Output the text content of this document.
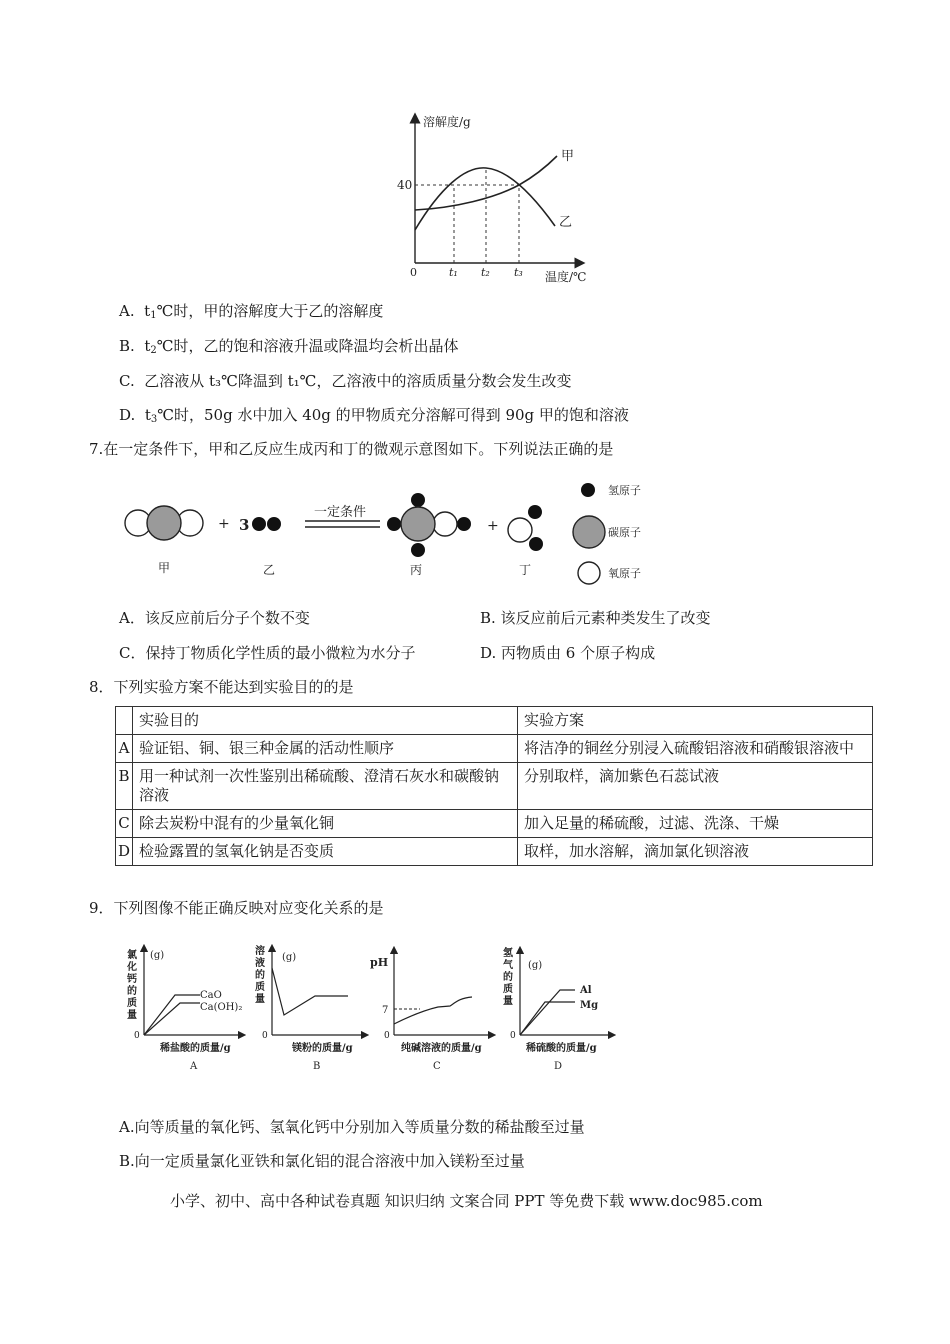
溶解度/g
温度/℃
40
0	t₁ t₂ t₃
甲
乙
A. $t_1℃$时，甲的溶解度大于乙的溶解度
B. $t_2℃$时，乙的饱和溶液升温或降温均会析出晶体
C. 乙溶液从 t₃℃降温到 t₁℃，乙溶液中的溶质质量分数会发生改变
D. $t_3℃$时，50g 水中加入 40g 的甲物质充分溶解可得到 90g 甲的饱和溶液
7.在一定条件下，甲和乙反应生成丙和丁的微观示意图如下。下列说法正确的是
+ 3
一定条件
+
甲	乙	丙	丁
氢原子
碳原子
氧原子
A．该反应前后分子个数不变	B. 该反应前后元素种类发生了改变
C．保持丁物质化学性质的最小微粒为水分子	D. 丙物质由 6 个原子构成
8．下列实验方案不能达到实验目的的是
	实验目的	实验方案
A	验证铝、铜、银三种金属的活动性顺序	将洁净的铜丝分别浸入硫酸铝溶液和硝酸银溶液中
B	用一种试剂一次性鉴别出稀硫酸、澄清石灰水和碳酸钠溶液	分别取样，滴加紫色石蕊试液
C	除去炭粉中混有的少量氧化铜	加入足量的稀硫酸，过滤、洗涤、干燥
D	检验露置的氢氧化钠是否变质	取样，加水溶解，滴加氯化钡溶液
9．下列图像不能正确反映对应变化关系的是
氯
化
钙
的
质
量
(g)
0
CaO
Ca(OH)₂
稀盐酸的质量/g
A
溶
液
的
质
量
(g)
0
镁粉的质量/g
B
pH
7
0
纯碱溶液的质量/g
C
氢
气
的
质
量
(g)
0
Al
Mg
稀硫酸的质量/g
D
A.向等质量的氧化钙、氢氧化钙中分别加入等质量分数的稀盐酸至过量
B.向一定质量氯化亚铁和氯化铝的混合溶液中加入镁粉至过量
小学、初中、高中各种试卷真题 知识归纳 文案合同 PPT 等免费下载 www.doc985.com
